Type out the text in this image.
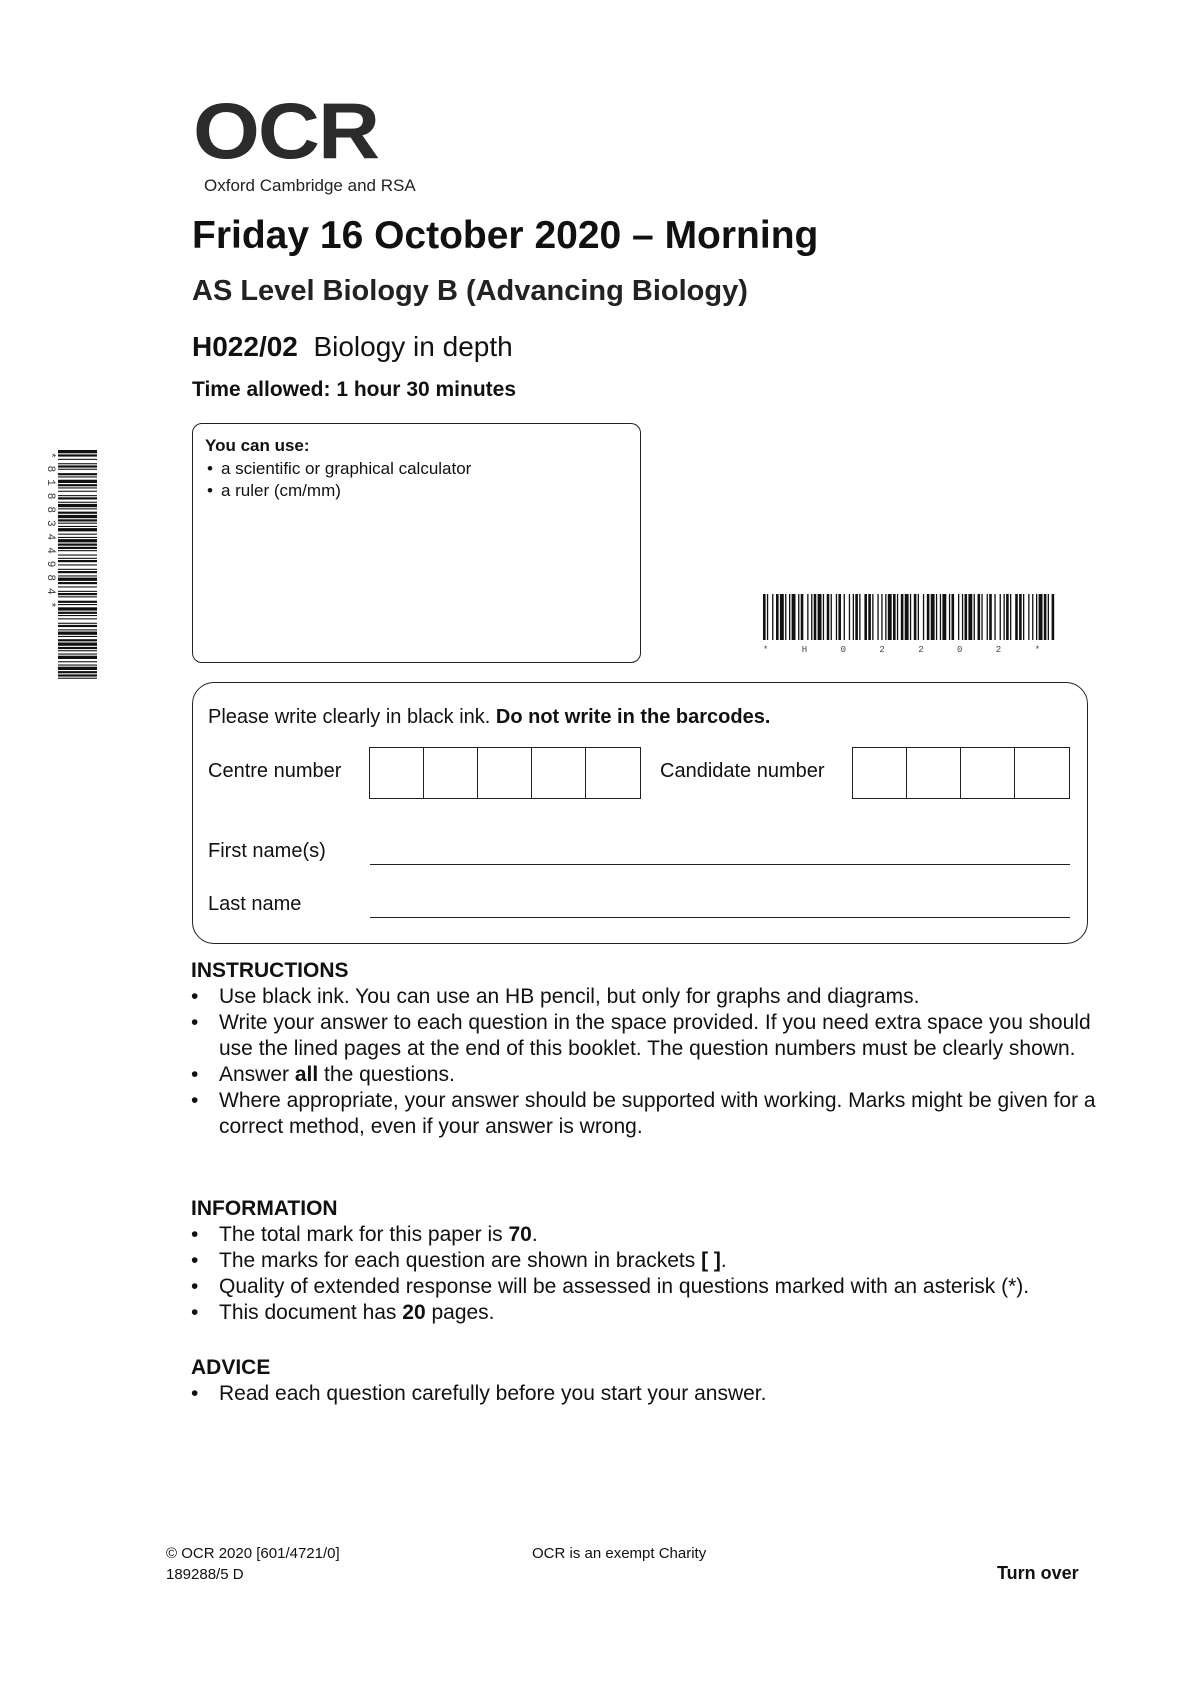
OCR
Oxford Cambridge and RSA
Friday 16 October 2020 – Morning
AS Level Biology B (Advancing Biology)
H022/02 Biology in depth
Time allowed: 1 hour 30 minutes
You can use:
• a scientific or graphical calculator
• a ruler (cm/mm)
*8188344984*
* H 0 2 2 0 2 *
Please write clearly in black ink. Do not write in the barcodes.
Centre number	Candidate number
First name(s)
Last name
INSTRUCTIONS
• Use black ink. You can use an HB pencil, but only for graphs and diagrams.
• Write your answer to each question in the space provided. If you need extra space you should use the lined pages at the end of this booklet. The question numbers must be clearly shown.
• Answer all the questions.
• Where appropriate, your answer should be supported with working. Marks might be given for a correct method, even if your answer is wrong.
INFORMATION
• The total mark for this paper is 70.
• The marks for each question are shown in brackets [ ].
• Quality of extended response will be assessed in questions marked with an asterisk (*).
• This document has 20 pages.
ADVICE
• Read each question carefully before you start your answer.
© OCR 2020 [601/4721/0]
189288/5 D
OCR is an exempt Charity
Turn over
